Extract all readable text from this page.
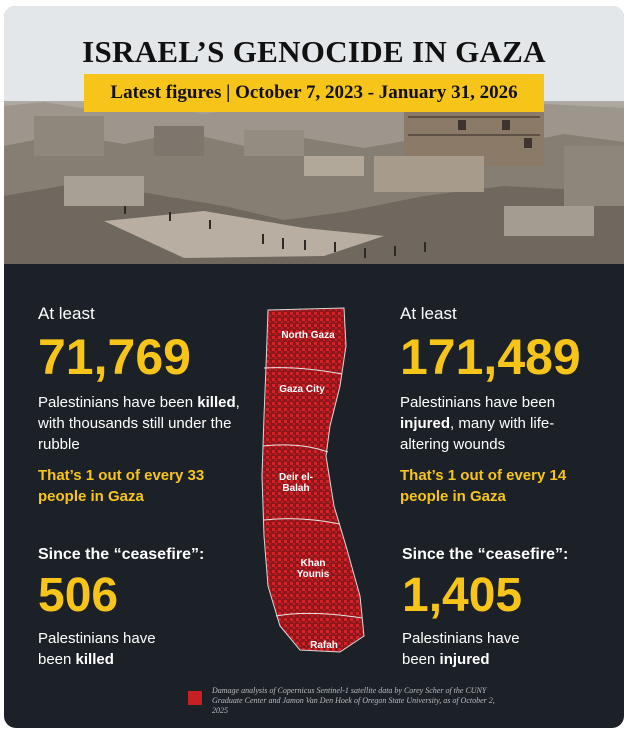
ISRAEL’S GENOCIDE IN GAZA
Latest figures | October 7, 2023 - January 31, 2026
At least
71,769
Palestinians have been killed, with thousands still under the rubble
That’s 1 out of every 33 people in Gaza
Since the “ceasefire”:
506
Palestinians have been killed
At least
171,489
Palestinians have been injured, many with life-altering wounds
That’s 1 out of every 14 people in Gaza
Since the “ceasefire”:
1,405
Palestinians have been injured
North Gaza
Gaza City
Deir el-Balah
Khan Younis
Rafah
Damage analysis of Copernicus Sentinel-1 satellite data by Corey Scher of the CUNY Graduate Center and Jamon Van Den Hoek of Oregon State University, as of October 2, 2025
